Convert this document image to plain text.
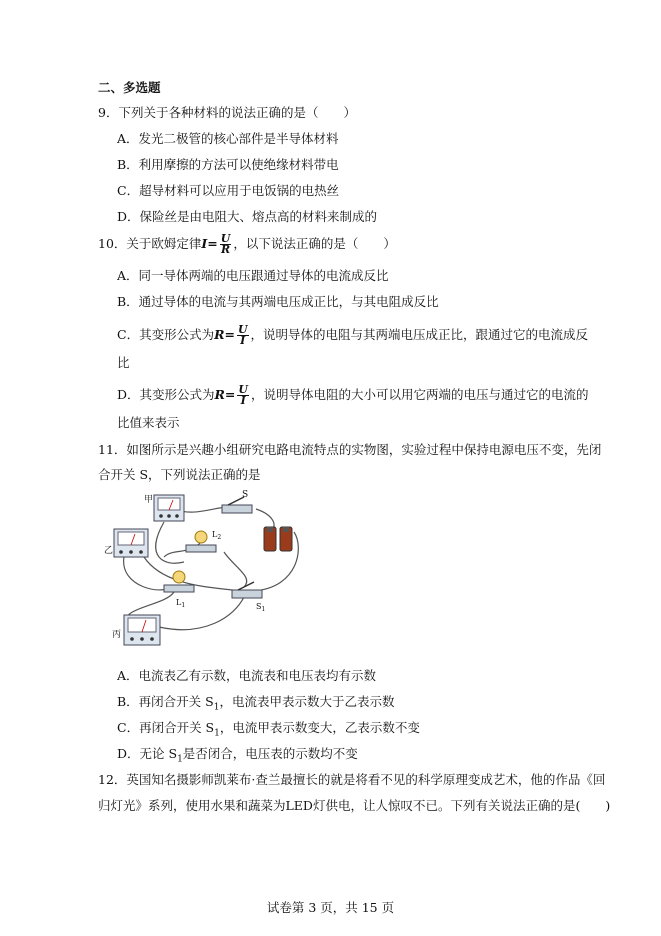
二、多选题
9．下列关于各种材料的说法正确的是（　　）
A．发光二极管的核心部件是半导体材料
B．利用摩擦的方法可以使绝缘材料带电
C．超导材料可以应用于电饭锅的电热丝
D．保险丝是由电阻大、熔点高的材料来制成的
10．关于欧姆定律$I= \frac{U}{R}$ ，以下说法正确的是（　　）
A．同一导体两端的电压跟通过导体的电流成反比
B．通过导体的电流与其两端电压成正比，与其电阻成反比
C．其变形公式为$R= \frac{U}{I}$ ，说明导体的电阻与其两端电压成正比，跟通过它的电流成反
比
D．其变形公式为$R= \frac{U}{I}$ ，说明导体电阻的大小可以用它两端的电压与通过它的电流的
比值来表示
11．如图所示是兴趣小组研究电路电流特点的实物图，实验过程中保持电源电压不变，先闭
合开关 S，下列说法正确的是
甲
乙
丙
S
$L_2$
$L_1$	$S_1$
A．电流表乙有示数，电流表和电压表均有示数
B．再闭合开关 $S_1$，电流表甲表示数大于乙表示数
C．再闭合开关 $S_1$，电流甲表示数变大，乙表示数不变
D．无论 $S_1$是否闭合，电压表的示数均不变
12．英国知名摄影师凯莱布·查兰最擅长的就是将看不见的科学原理变成艺术，他的作品《回
归灯光》系列，使用水果和蔬菜为LED灯供电，让人惊叹不已。下列有关说法正确的是(　　)
试卷第 3 页，共 15 页
